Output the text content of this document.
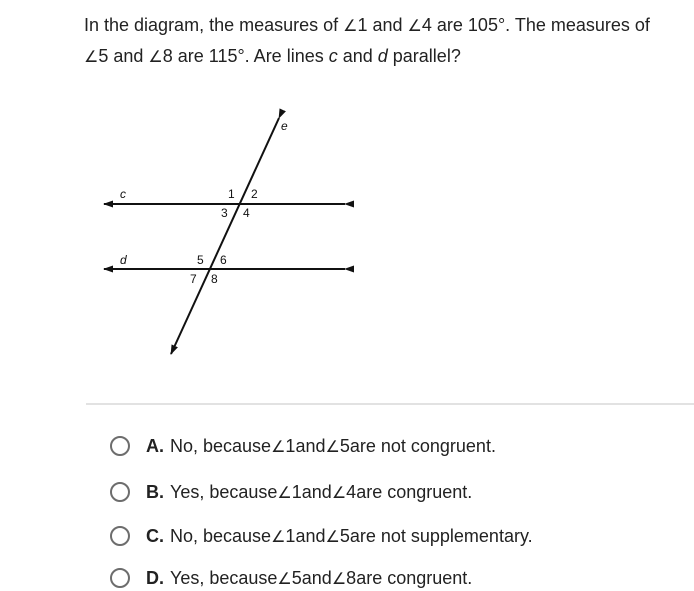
In the diagram, the measures of ∠1 and ∠4 are 105°. The measures of

∠5 and ∠8 are 115°. Are lines c and d parallel?

e
c
d
1 2
3 4
5 6
7 8
A. No, because ∠ 1 and ∠ 5 are not congruent.
B. Yes, because ∠ 1 and ∠ 4 are congruent.
C. No, because ∠ 1 and ∠ 5 are not supplementary.
D. Yes, because ∠ 5 and ∠ 8 are congruent.
